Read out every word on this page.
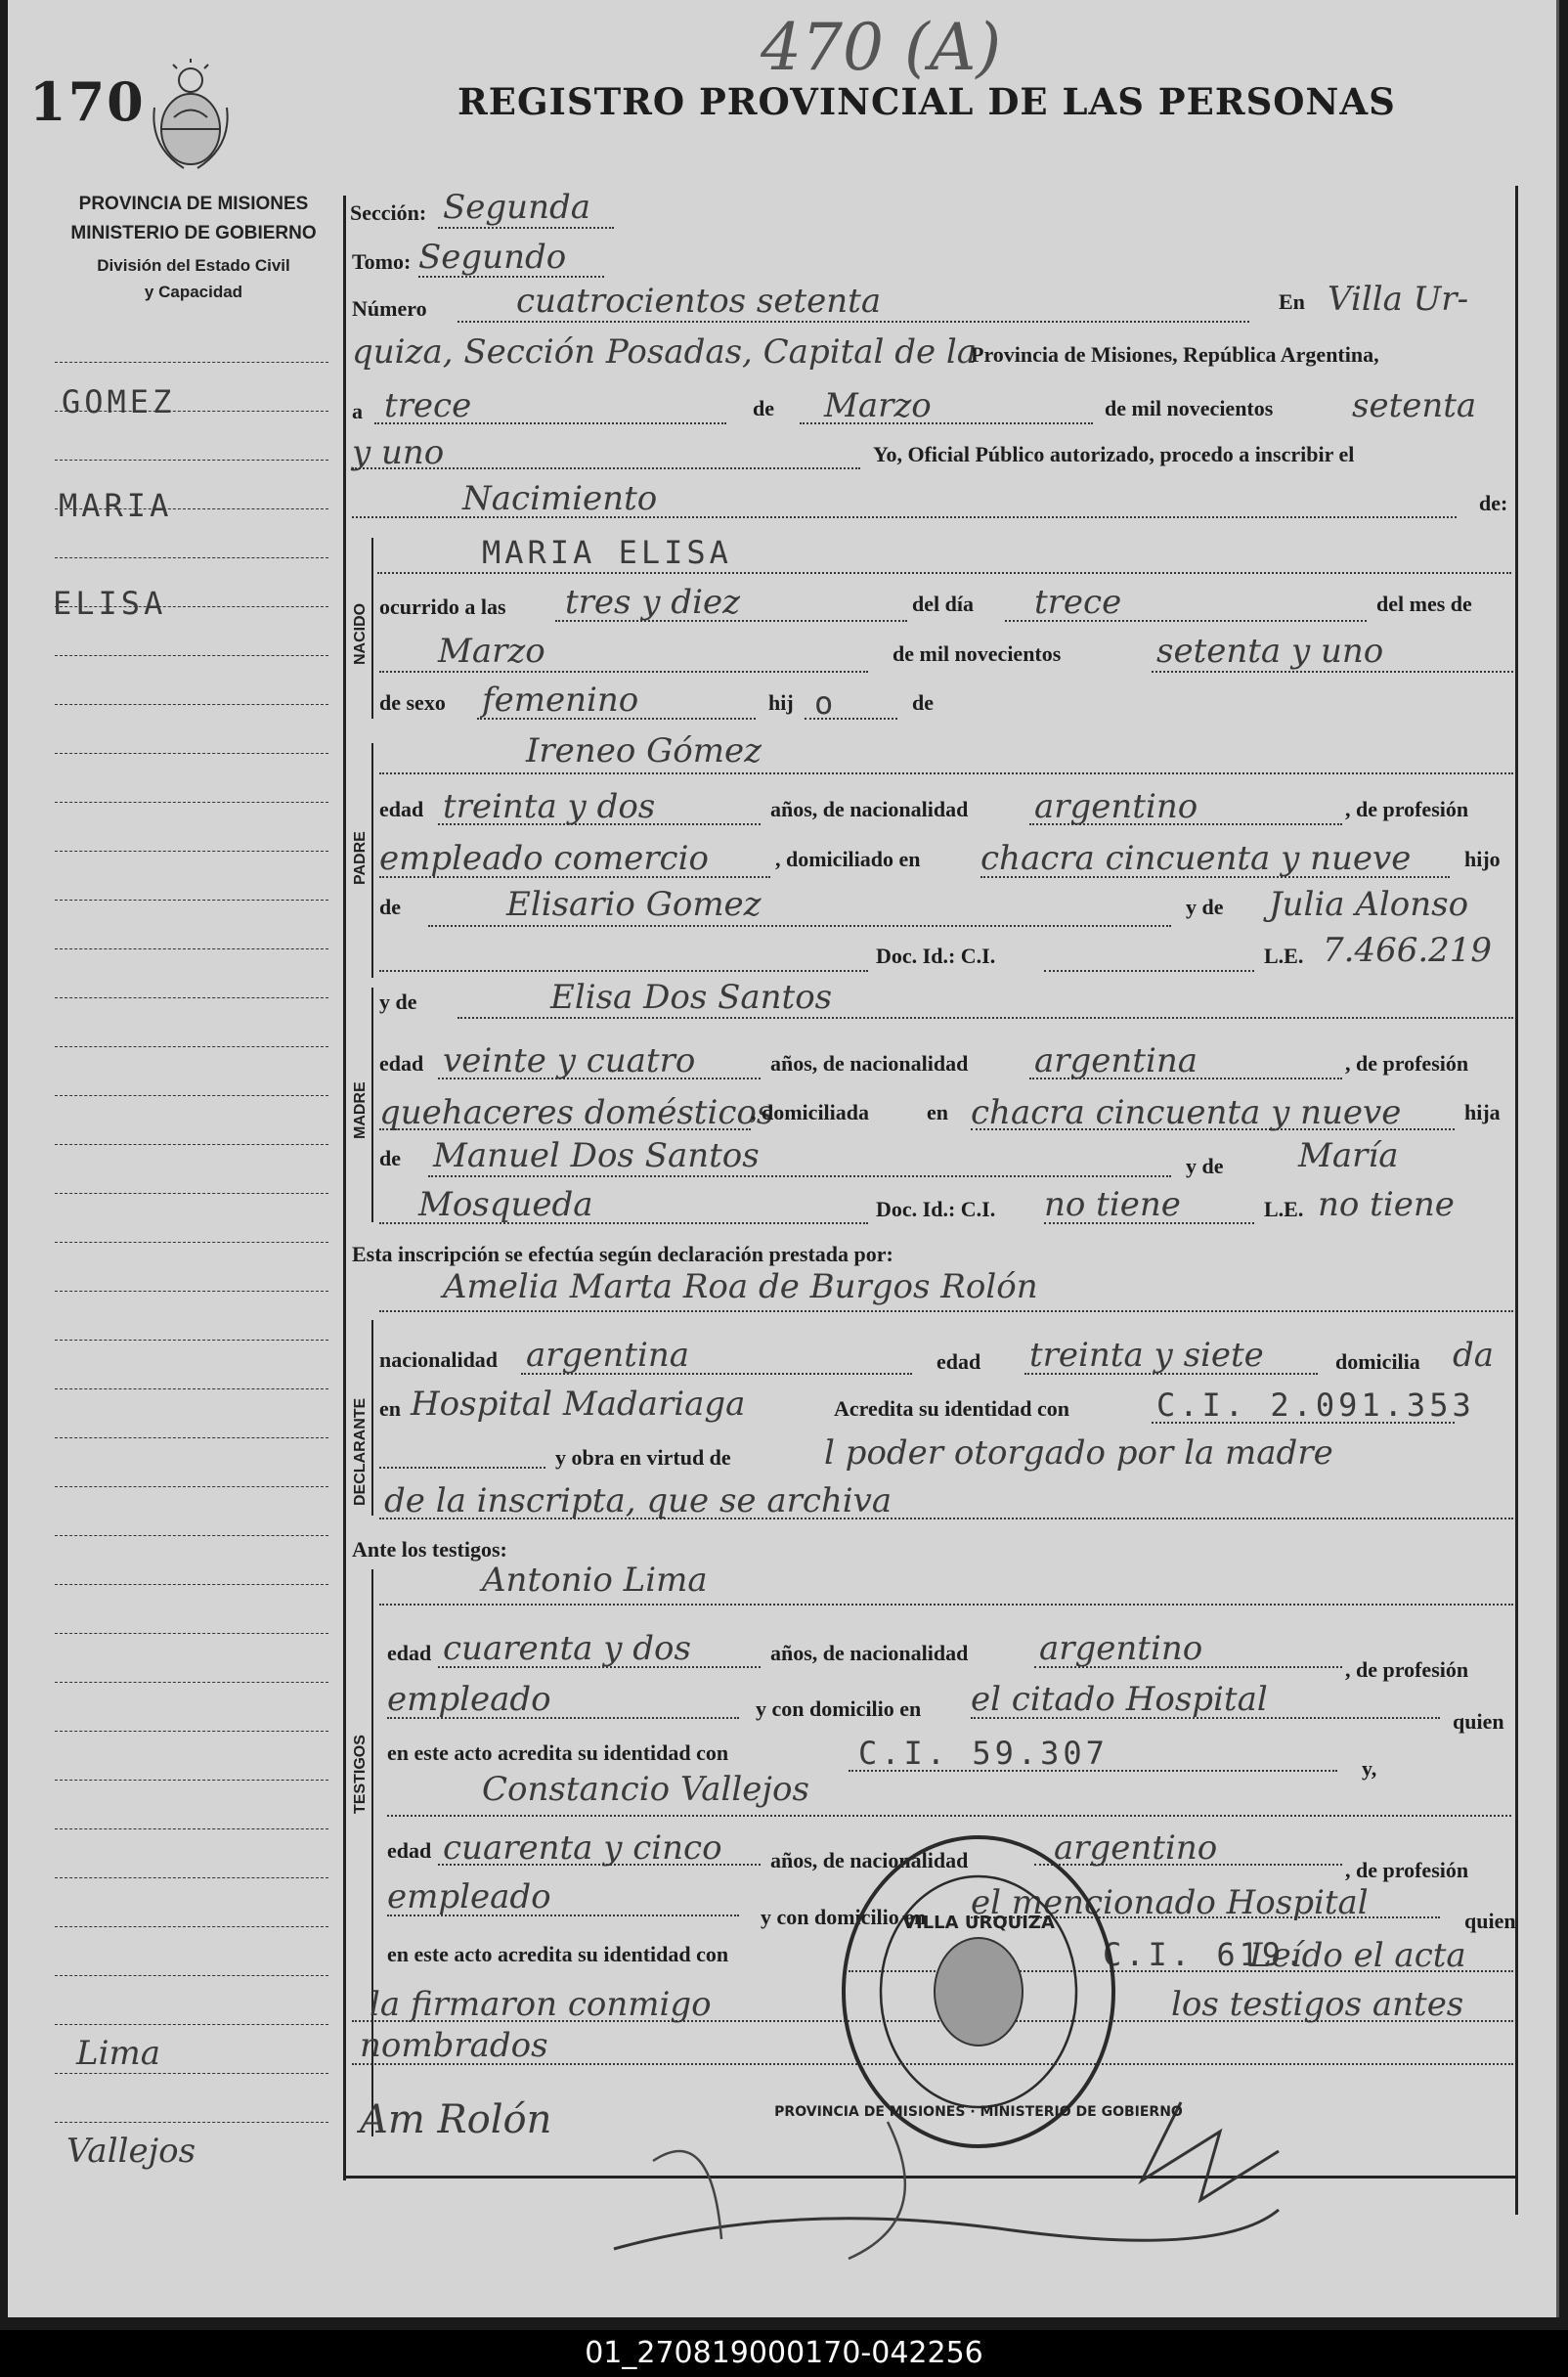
170
470 (A)
REGISTRO PROVINCIAL DE LAS PERSONAS
PROVINCIA DE MISIONES
MINISTERIO DE GOBIERNO
División del Estado Civil
y Capacidad
GOMEZ
MARIA
ELISA
Lima
Vallejos
Sección: Segunda
Tomo: Segundo
Número	cuatrocientos setenta	En Villa Ur-
quiza, Sección Posadas, Capital de la
Provincia de Misiones, República Argentina,
a trece	de Marzo	de mil novecientos setenta
y uno	Yo, Oficial Público autorizado, procedo a inscribir el
Nacimiento	de:
NACIDO
MARIA ELISA
ocurrido a las tres y diez	del día trece	del mes de
Marzo	de mil novecientos	setenta y uno
de sexo femenino	hij o	de
PADRE
Ireneo Gómez
edad treinta y dos	años, de nacionalidad argentino	, de profesión
empleado comercio	, domiciliado en chacra cincuenta y nueve hijo
de	Elisario Gomez	y de Julia Alonso
Doc. Id.: C.I.	L.E. 7.466.219
MADRE
y de	Elisa Dos Santos
edad veinte y cuatro	años, de nacionalidad argentina	, de profesión
quehaceres domésticos
, domiciliada	en chacra cincuenta y nueve	hija
de Manuel Dos Santos	y de María
Mosqueda	Doc. Id.: C.I. no tiene	L.E. no tiene
Esta inscripción se efectúa según declaración prestada por:
Amelia Marta Roa de Burgos Rolón
DECLARANTE
nacionalidad argentina	edad treinta y siete	domicilia da
en Hospital Madariaga	Acredita su identidad con	C.I. 2.091.353
y obra en virtud de	l poder otorgado por la madre
de la inscripta, que se archiva
Ante los testigos:
TESTIGOS
Antonio Lima
edad cuarenta y dos	años, de nacionalidad argentino
, de profesión
empleado	y con domicilio en el citado Hospital
quien
en este acto acredita su identidad con	C.I. 59.307	y,
Constancio Vallejos
edad cuarenta y cinco años, de nacionalidad	argentino
, de profesión
empleado
y con domicilio en el mencionado Hospital	quien
en este acto acredita su identidad con	C.I. 619.
Leído el acta
la firmaron conmigo	los testigos antes
nombrados
Am Rolón
VILLA URQUIZA
PROVINCIA DE MISIONES · MINISTERIO DE GOBIERNO
01_270819000170-042256
